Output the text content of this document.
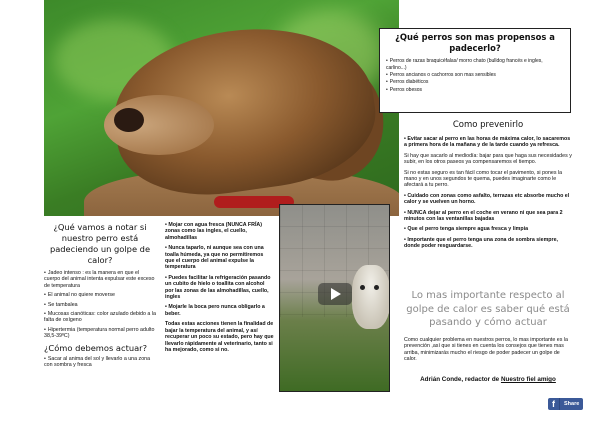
¿Qué perros son mas propensos a padecerlo?
• Perros de razas braquicéfalas/ morro chato (bulldog francés e ingles, carlino...)
• Perros ancianos o cachorros son mas sensibles
• Perros diabéticos
• Perros obesos
Como prevenirlo

• Evitar sacar al perro en las horas de máxima calor, lo sacaremos a primera hora de la mañana y de la tarde cuando ya refresca.

Si hay que sacarlo al mediodía: bajar para que haga sus necesidades y subir, en los otros paseos ya compensaremos el tiempo.

Si no estas seguro es tan fácil como tocar el pavimento, si pones la mano y en unos segundos te quema, puedes imaginarte como le afectará a tu perro.

• Cuidado con zonas como asfalto, terrazas etc absorbe mucho el calor y se vuelven un horno.

• NUNCA dejar al perro en el coche en verano ni que sea para 2 minutos con las ventanillas bajadas

• Que el perro tenga siempre agua fresca y limpia

• Importante que el perro tenga una zona de sombra siempre, donde poder resguardarse.

Lo mas importante respecto al golpe de calor es saber qué está pasando y cómo actuar
Como cualquier problema en nuestros perros, lo mas importante es la prevención ,así que si tienes en cuenta los consejos que tienes mas arriba, minimizarás mucho el riesgo de poder padecer un golpe de calor.
Adrián Conde, redactor de Nuestro fiel amigo
¿Qué vamos a notar si nuestro perro está padeciendo un golpe de calor?
• Jadeo intenso : es la manera en que el cuerpo del animal intenta expulsar este exceso de temperatura
• El animal no quiere moverse
• Se tambalea
• Mucosas cianóticas: color azulado debido a la falta de oxígeno
• Hipertermia (temperatura normal perro adulto 38,5-39ºC)
¿Cómo debemos actuar?
• Sacar al anima del sol y llevarlo a una zona con sombra y fresca

• Mojar con agua fresca (NUNCA FRÍA) zonas como las ingles, el cuello, almohadillas

• Nunca taparlo, ni aunque sea con una toalla húmeda, ya que no permitiremos que el cuerpo del animal expulse la temperatura

• Puedes facilitar la refrigeración pasando un cubito de hielo o toallita con alcohol por las zonas de las almohadillas, cuello, ingles

• Mojarle la boca pero nunca obligarlo a beber.

Todas estas acciones tienen la finalidad de bajar la temperatura del animal, y así recuperar un poco su estado, pero hay que llevarlo rápidamente al veterinario, tanto si ha mejorado, como si no.

f	Share
